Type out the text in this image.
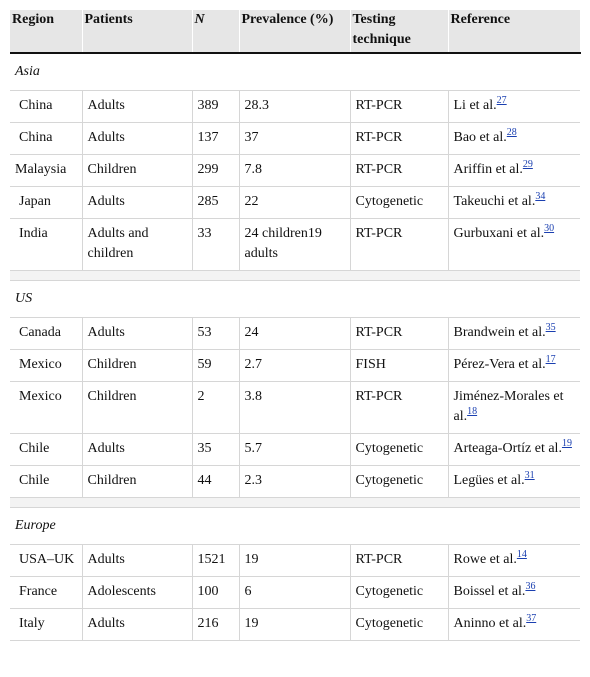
Region	Patients	N	Prevalence (%)	Testing technique	Reference
Asia					
China	Adults	389	28.3	RT-PCR	Li et al.$^{27}$
China	Adults	137	37	RT-PCR	Bao et al.$^{28}$
Malaysia	Children	299	7.8	RT-PCR	Ariffin et al.$^{29}$
Japan	Adults	285	22	Cytogenetic	Takeuchi et al.$^{34}$
India	Adults and children	33	24 children19 adults	RT-PCR	Gurbuxani et al.$^{30}$

US					
Canada	Adults	53	24	RT-PCR	Brandwein et al.$^{35}$
Mexico	Children	59	2.7	FISH	Pérez-Vera et al.$^{17}$
Mexico	Children	2	3.8	RT-PCR	Jiménez-Morales et al.$^{18}$
Chile	Adults	35	5.7	Cytogenetic	Arteaga-Ortíz et al.$^{19}$
Chile	Children	44	2.3	Cytogenetic	Legües et al.$^{31}$

Europe					
USA–UK	Adults	1521	19	RT-PCR	Rowe et al.$^{14}$
France	Adolescents	100	6	Cytogenetic	Boissel et al.$^{36}$
Italy	Adults	216	19	Cytogenetic	Aninno et al.$^{37}$
